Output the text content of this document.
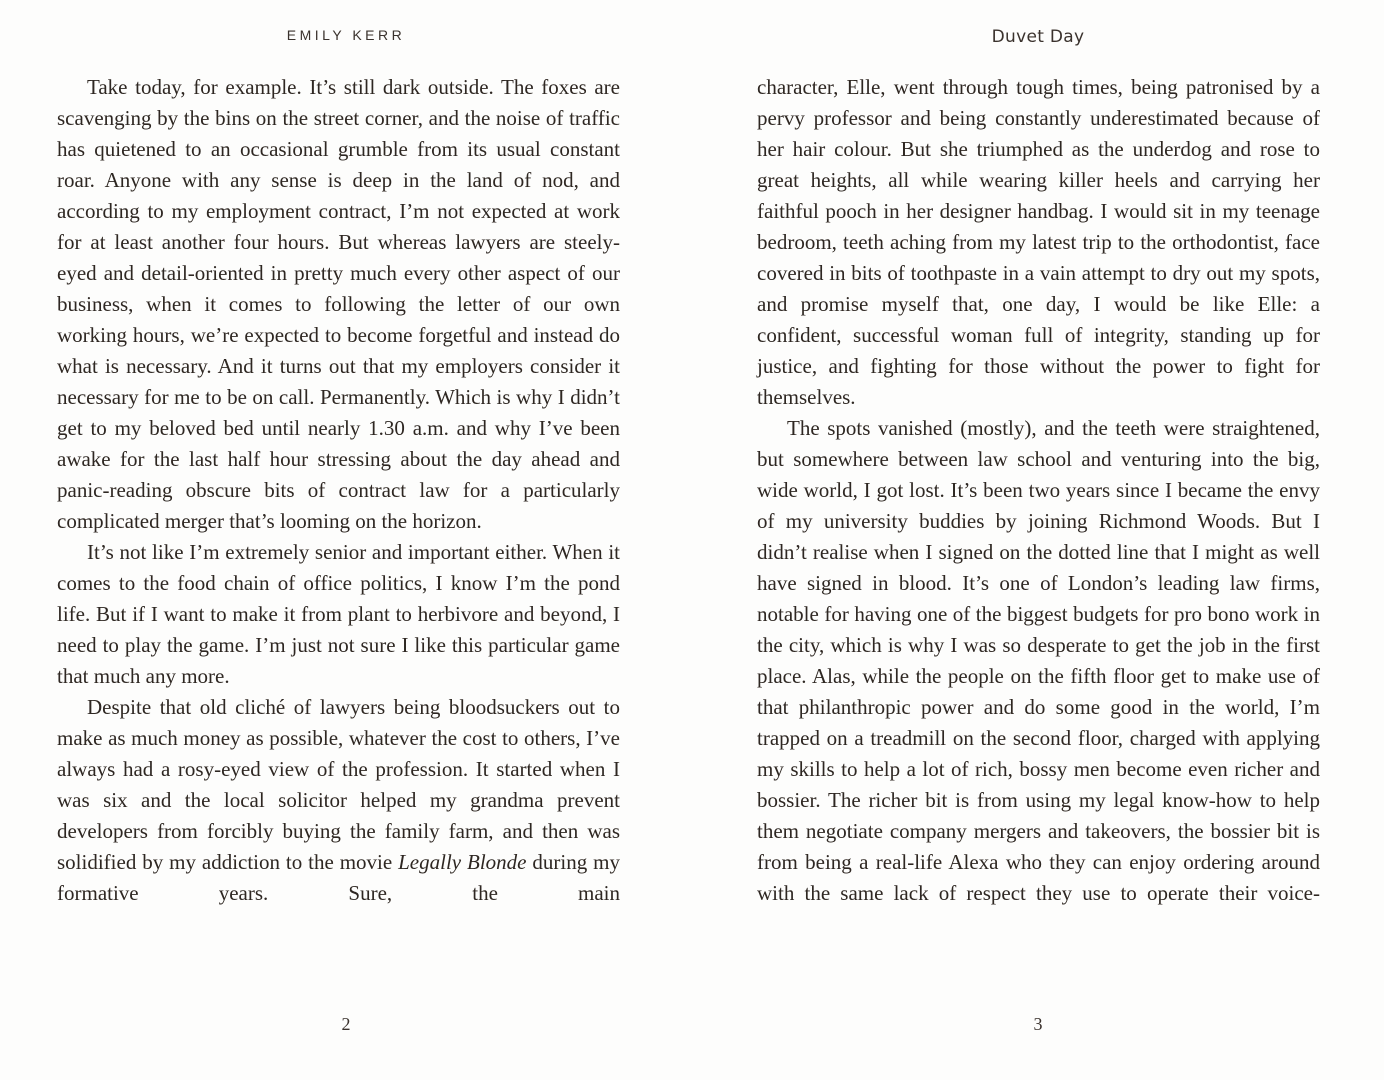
EMILY KERR

Take today, for example. It’s still dark outside. The foxes are scavenging by the bins on the street corner, and the noise of traffic has quietened to an occasional grumble from its usual constant roar. Anyone with any sense is deep in the land of nod, and according to my employment contract, I’m not expected at work for at least another four hours. But whereas lawyers are steely-eyed and detail-oriented in pretty much every other aspect of our business, when it comes to following the letter of our own working hours, we’re expected to become forgetful and instead do what is necessary. And it turns out that my employers consider it necessary for me to be on call. Permanently. Which is why I didn’t get to my beloved bed until nearly 1.30 a.m. and why I’ve been awake for the last half hour stressing about the day ahead and panic-reading obscure bits of contract law for a particularly complicated merger that’s looming on the horizon.

It’s not like I’m extremely senior and important either. When it comes to the food chain of office politics, I know I’m the pond life. But if I want to make it from plant to herbivore and beyond, I need to play the game. I’m just not sure I like this particular game that much any more.

Despite that old cliché of lawyers being bloodsuckers out to make as much money as possible, whatever the cost to others, I’ve always had a rosy-eyed view of the profession. It started when I was six and the local solicitor helped my grandma prevent developers from forcibly buying the family farm, and then was solidified by my addiction to the movie Legally Blonde during my formative years. Sure, the main

2
Duvet Day

character, Elle, went through tough times, being patronised by a pervy professor and being constantly underestimated because of her hair colour. But she triumphed as the underdog and rose to great heights, all while wearing killer heels and carrying her faithful pooch in her designer handbag. I would sit in my teenage bedroom, teeth aching from my latest trip to the orthodontist, face covered in bits of toothpaste in a vain attempt to dry out my spots, and promise myself that, one day, I would be like Elle: a confident, successful woman full of integrity, standing up for justice, and fighting for those without the power to fight for themselves.

The spots vanished (mostly), and the teeth were straightened, but somewhere between law school and venturing into the big, wide world, I got lost. It’s been two years since I became the envy of my university buddies by joining Richmond Woods. But I didn’t realise when I signed on the dotted line that I might as well have signed in blood. It’s one of London’s leading law firms, notable for having one of the biggest budgets for pro bono work in the city, which is why I was so desperate to get the job in the first place. Alas, while the people on the fifth floor get to make use of that philanthropic power and do some good in the world, I’m trapped on a treadmill on the second floor, charged with applying my skills to help a lot of rich, bossy men become even richer and bossier. The richer bit is from using my legal know-how to help them negotiate company mergers and takeovers, the bossier bit is from being a real-life Alexa who they can enjoy ordering around with the same lack of respect they use to operate their voice-

3
